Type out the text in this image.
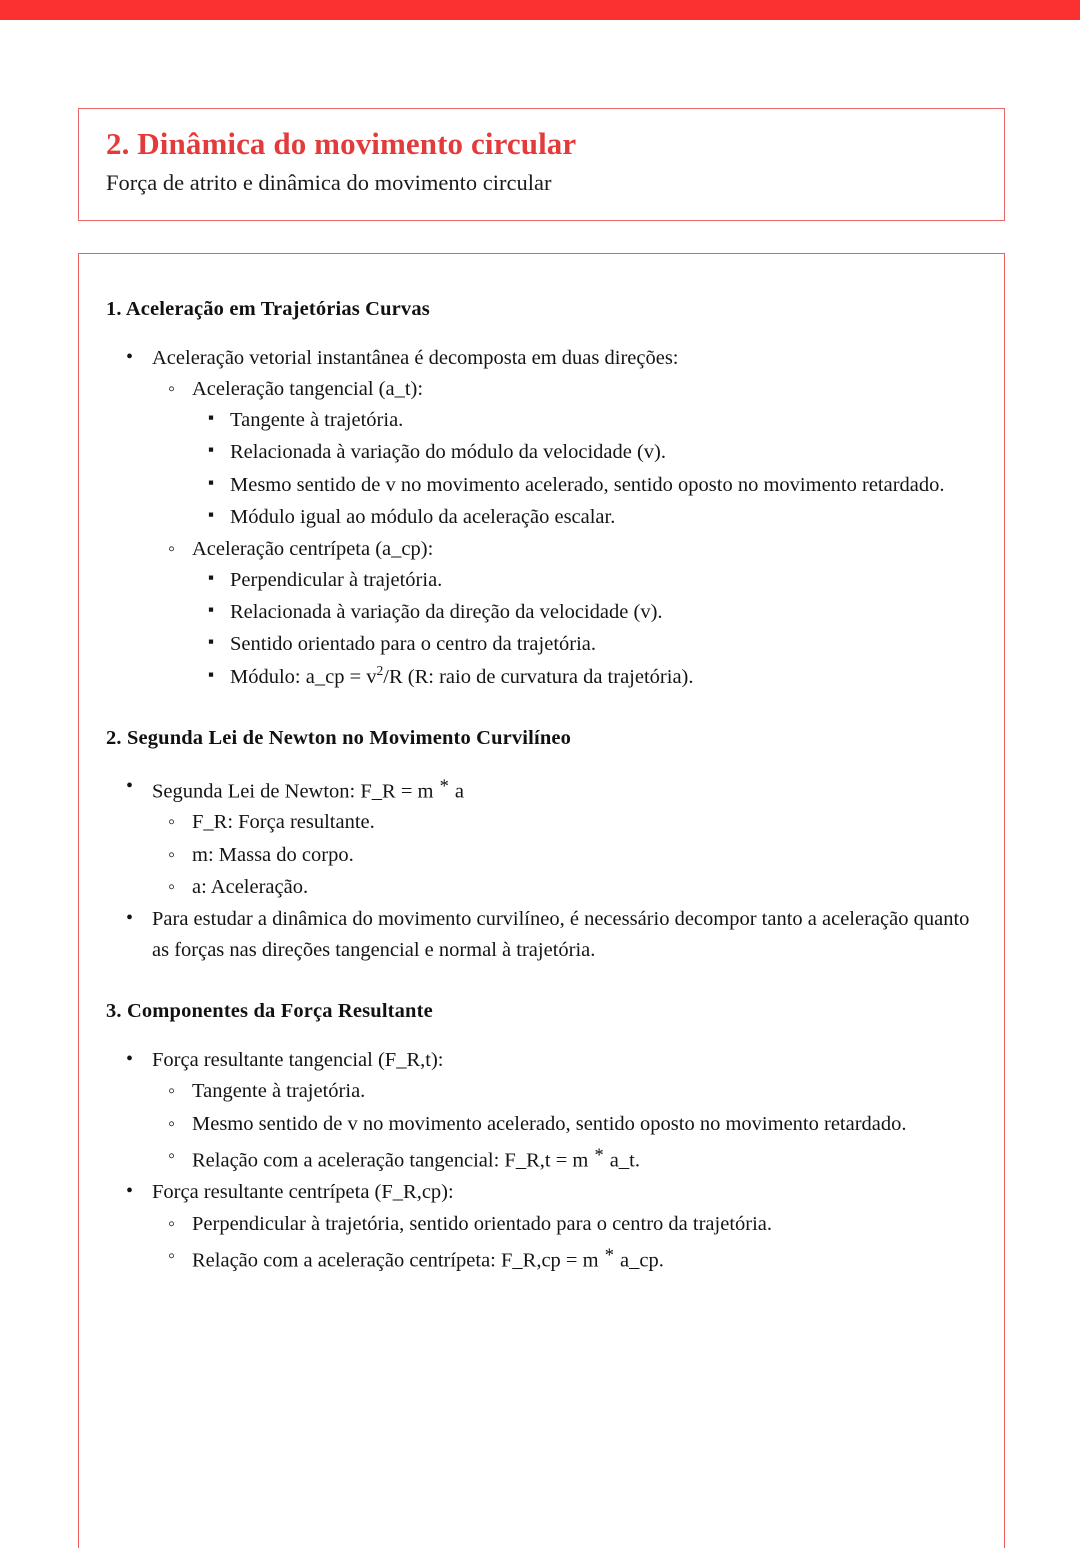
2. Dinâmica do movimento circular
Força de atrito e dinâmica do movimento circular
1. Aceleração em Trajetórias Curvas
• Aceleração vetorial instantânea é decomposta em duas direções:
◦ Aceleração tangencial (a_t):
▪ Tangente à trajetória.
▪ Relacionada à variação do módulo da velocidade (v).
▪ Mesmo sentido de v no movimento acelerado, sentido oposto no movimento retardado.
▪ Módulo igual ao módulo da aceleração escalar.
◦ Aceleração centrípeta (a_cp):
▪ Perpendicular à trajetória.
▪ Relacionada à variação da direção da velocidade (v).
▪ Sentido orientado para o centro da trajetória.
▪ Módulo: a_cp = $v^2/R$ (R: raio de curvatura da trajetória).
2. Segunda Lei de Newton no Movimento Curvilíneo
• Segunda Lei de Newton: F_R = m * a
◦ F_R: Força resultante.
◦ m: Massa do corpo.
◦ a: Aceleração.
• Para estudar a dinâmica do movimento curvilíneo, é necessário decompor tanto a aceleração quanto as forças nas direções tangencial e normal à trajetória.
3. Componentes da Força Resultante
• Força resultante tangencial (F_R,t):
◦ Tangente à trajetória.
◦ Mesmo sentido de v no movimento acelerado, sentido oposto no movimento retardado.
◦ Relação com a aceleração tangencial: F_R,t = m * a_t.
• Força resultante centrípeta (F_R,cp):
◦ Perpendicular à trajetória, sentido orientado para o centro da trajetória.
◦ Relação com a aceleração centrípeta: F_R,cp = m * a_cp.
